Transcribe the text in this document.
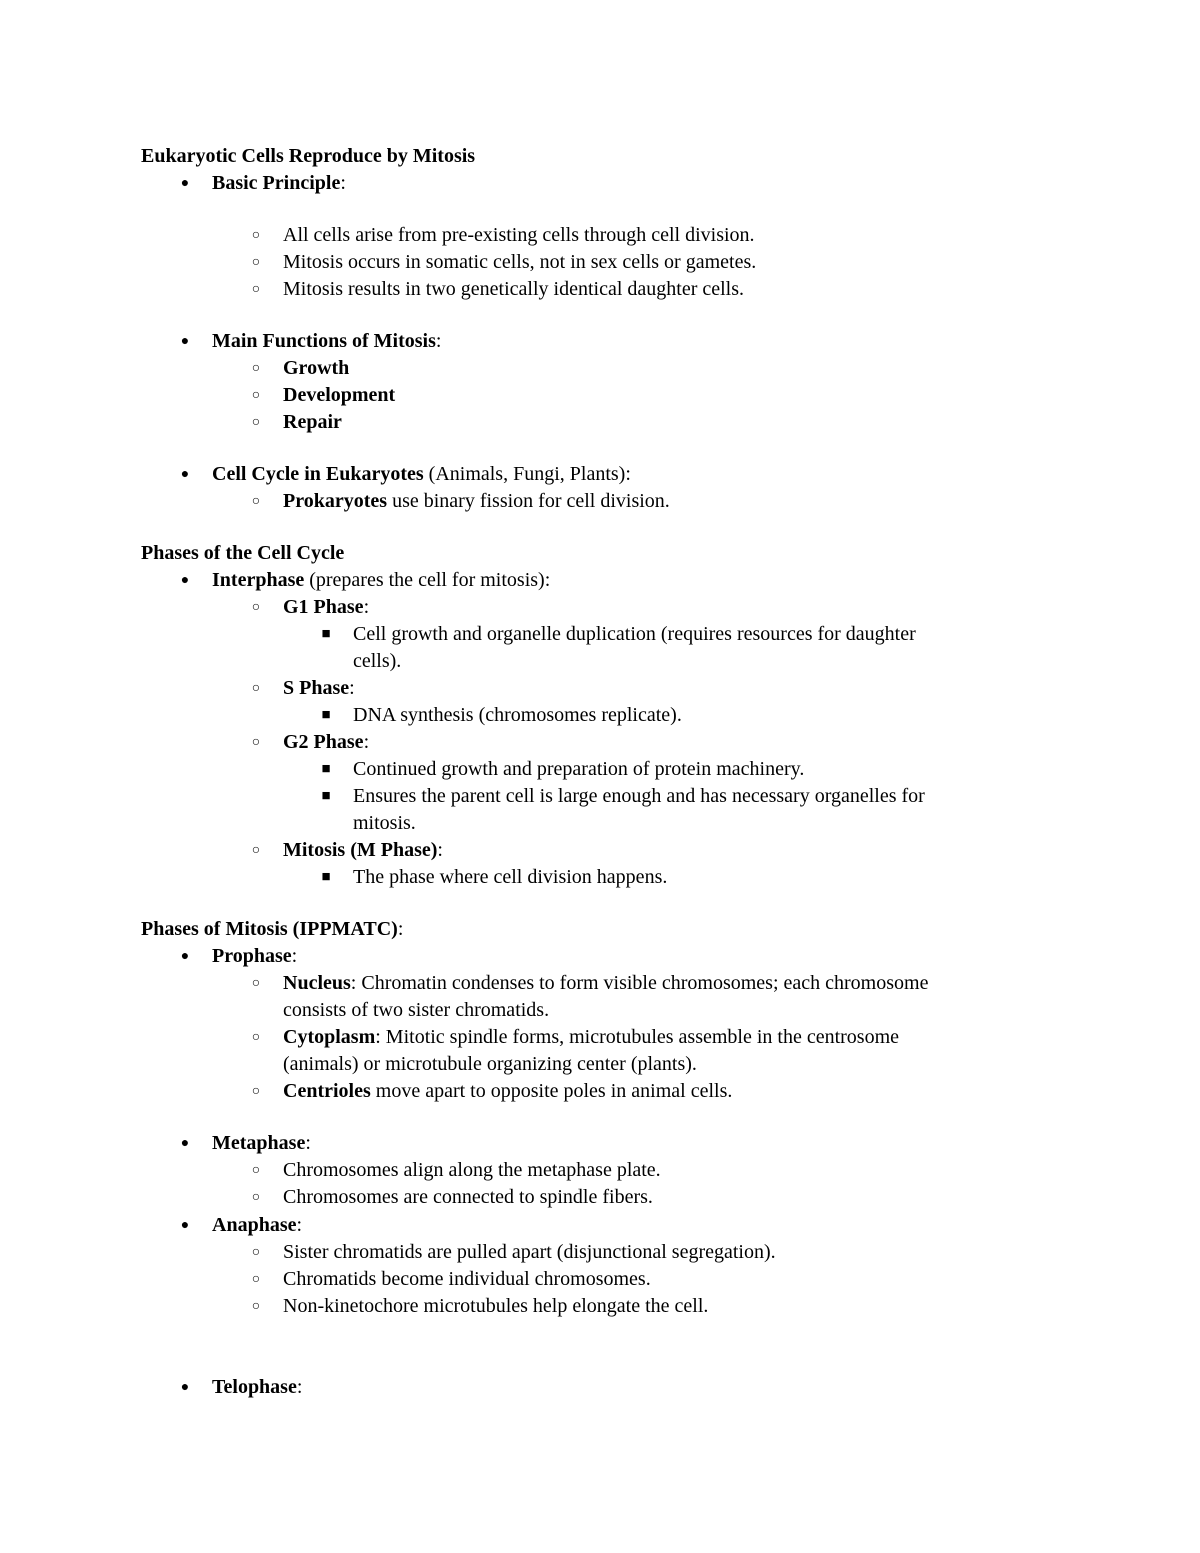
Eukaryotic Cells Reproduce by Mitosis
● Basic Principle:
○ All cells arise from pre-existing cells through cell division.
○ Mitosis occurs in somatic cells, not in sex cells or gametes.
○ Mitosis results in two genetically identical daughter cells.
● Main Functions of Mitosis:
○ Growth
○ Development
○ Repair
● Cell Cycle in Eukaryotes (Animals, Fungi, Plants):
○ Prokaryotes use binary fission for cell division.
Phases of the Cell Cycle
● Interphase (prepares the cell for mitosis):
○ G1 Phase:
■ Cell growth and organelle duplication (requires resources for daughter
cells).
○ S Phase:
■ DNA synthesis (chromosomes replicate).
○ G2 Phase:
■ Continued growth and preparation of protein machinery.
■ Ensures the parent cell is large enough and has necessary organelles for
mitosis.
○ Mitosis (M Phase):
■ The phase where cell division happens.
Phases of Mitosis (IPPMATC):
● Prophase:
○ Nucleus: Chromatin condenses to form visible chromosomes; each chromosome
consists of two sister chromatids.
○ Cytoplasm: Mitotic spindle forms, microtubules assemble in the centrosome
(animals) or microtubule organizing center (plants).
○ Centrioles move apart to opposite poles in animal cells.
● Metaphase:
○ Chromosomes align along the metaphase plate.
○ Chromosomes are connected to spindle fibers.
● Anaphase:
○ Sister chromatids are pulled apart (disjunctional segregation).
○ Chromatids become individual chromosomes.
○ Non-kinetochore microtubules help elongate the cell.
● Telophase:
